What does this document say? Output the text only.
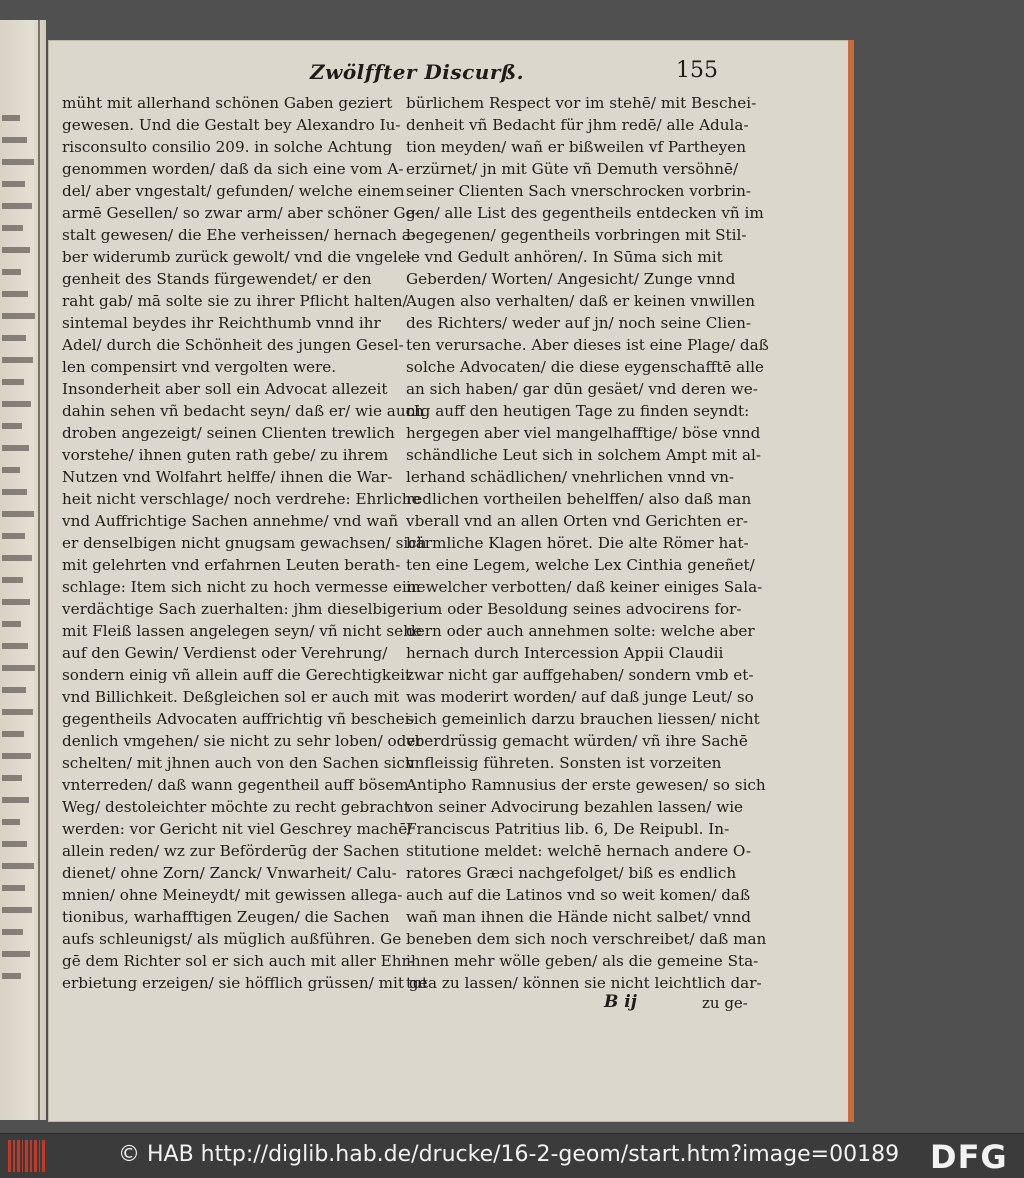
Zwölffter Discurß.	155
müht mit allerhand schönen Gaben geziert
gewesen. Und die Gestalt bey Alexandro Iu-
risconsulto consilio 209. in solche Achtung
genommen worden/ daß da sich eine vom A-
del/ aber vngestalt/ gefunden/ welche einem
armē Gesellen/ so zwar arm/ aber schöner Ge-
stalt gewesen/ die Ehe verheissen/ hernach a-
ber widerumb zurück gewolt/ vnd die vngele-
genheit des Stands fürgewendet/ er den
raht gab/ mā solte sie zu ihrer Pflicht halten/
sintemal beydes ihr Reichthumb vnnd ihr
Adel/ durch die Schönheit des jungen Gesel-
len compensirt vnd vergolten were.
Insonderheit aber soll ein Advocat allezeit
dahin sehen vñ bedacht seyn/ daß er/ wie auch
droben angezeigt/ seinen Clienten trewlich
vorstehe/ ihnen guten rath gebe/ zu ihrem
Nutzen vnd Wolfahrt helffe/ ihnen die War-
heit nicht verschlage/ noch verdrehe: Ehrliche
vnd Auffrichtige Sachen annehme/ vnd wañ
er denselbigen nicht gnugsam gewachsen/ sich
mit gelehrten vnd erfahrnen Leuten berath-
schlage: Item sich nicht zu hoch vermesse eine
verdächtige Sach zuerhalten: jhm dieselbige
mit Fleiß lassen angelegen seyn/ vñ nicht sehe
auf den Gewin/ Verdienst oder Verehrung/
sondern einig vñ allein auff die Gerechtigkeit
vnd Billichkeit. Deßgleichen sol er auch mit
gegentheils Advocaten auffrichtig vñ beschei-
denlich vmgehen/ sie nicht zu sehr loben/ oder
schelten/ mit jhnen auch von den Sachen sich
vnterreden/ daß wann gegentheil auff bösem
Weg/ destoleichter möchte zu recht gebracht
werden: vor Gericht nit viel Geschrey machē/
allein reden/ wz zur Beförderūg der Sachen
dienet/ ohne Zorn/ Zanck/ Vnwarheit/ Calu-
mnien/ ohne Meineydt/ mit gewissen allega-
tionibus, warhafftigen Zeugen/ die Sachen
aufs schleunigst/ als müglich außführen. Ge
gē dem Richter sol er sich auch mit aller Ehr-
erbietung erzeigen/ sie höfflich grüssen/ mit ge
bürlichem Respect vor im stehē/ mit Beschei-
denheit vñ Bedacht für jhm redē/ alle Adula-
tion meyden/ wañ er bißweilen vf Partheyen
erzürnet/ jn mit Güte vñ Demuth versöhnē/
seiner Clienten Sach vnerschrocken vorbrin-
gen/ alle List des gegentheils entdecken vñ im
begegenen/ gegentheils vorbringen mit Stil-
le vnd Gedult anhören/. In Sūma sich mit
Geberden/ Worten/ Angesicht/ Zunge vnnd
Augen also verhalten/ daß er keinen vnwillen
des Richters/ weder auf jn/ noch seine Clien-
ten verursache. Aber dieses ist eine Plage/ daß
solche Advocaten/ die diese eygenschafftē alle
an sich haben/ gar dūn gesäet/ vnd deren we-
nig auff den heutigen Tage zu finden seyndt:
hergegen aber viel mangelhafftige/ böse vnnd
schändliche Leut sich in solchem Ampt mit al-
lerhand schädlichen/ vnehrlichen vnnd vn-
redlichen vortheilen behelffen/ also daß man
vberall vnd an allen Orten vnd Gerichten er-
bärmliche Klagen höret. Die alte Römer hat-
ten eine Legem, welche Lex Cinthia geneñet/
in welcher verbotten/ daß keiner einiges Sala-
rium oder Besoldung seines advocirens for-
dern oder auch annehmen solte: welche aber
hernach durch Intercession Appii Claudii
zwar nicht gar auffgehaben/ sondern vmb et-
was moderirt worden/ auf daß junge Leut/ so
sich gemeinlich darzu brauchen liessen/ nicht
vberdrüssig gemacht würden/ vñ ihre Sachē
vnfleissig führeten. Sonsten ist vorzeiten
Antipho Ramnusius der erste gewesen/ so sich
von seiner Advocirung bezahlen lassen/ wie
Franciscus Patritius lib. 6, De Reipubl. In-
stitutione meldet: welchē hernach andere O-
ratores Græci nachgefolget/ biß es endlich
auch auf die Latinos vnd so weit komen/ daß
wañ man ihnen die Hände nicht salbet/ vnnd
beneben dem sich noch verschreibet/ daß man
ihnen mehr wölle geben/ als die gemeine Sta-
tuta zu lassen/ können sie nicht leichtlich dar-
B ij	zu ge-
© HAB http://diglib.hab.de/drucke/16-2-geom/start.htm?image=00189 DFG
